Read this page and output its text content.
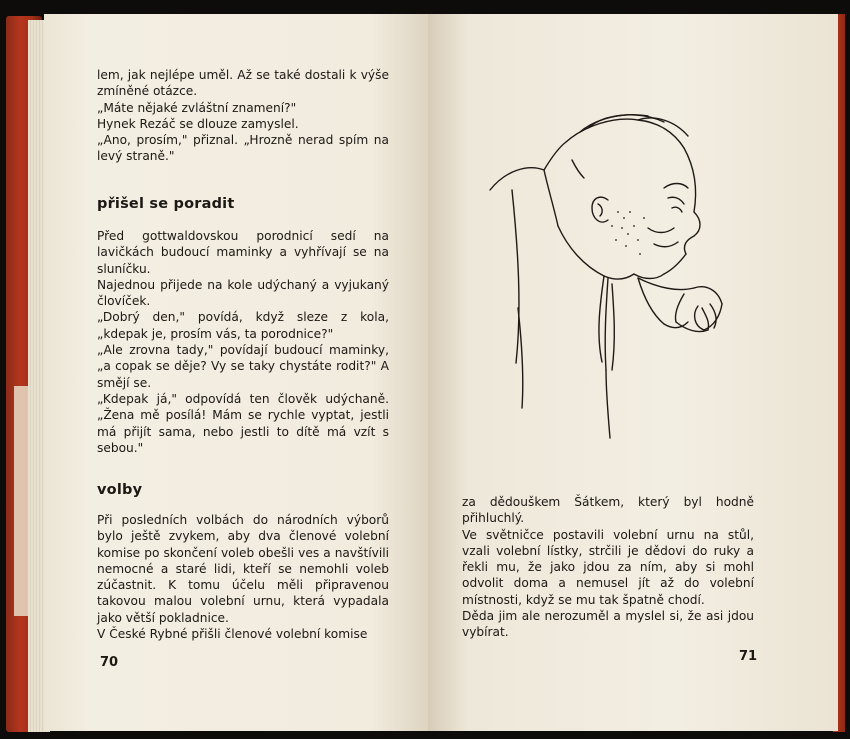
lem, jak nejlépe uměl. Až se také dostali k výše zmíněné otázce.

„Máte nějaké zvláštní znamení?"

Hynek Rezáč se dlouze zamyslel.

„Ano, prosím," přiznal. „Hrozně nerad spím na levý straně."

přišel se poradit

Před gottwaldovskou porodnicí sedí na lavičkách budoucí maminky a vyhřívají se na sluníčku.

Najednou přijede na kole udýchaný a vyjukaný človíček.

„Dobrý den," povídá, když sleze z kola, „kdepak je, prosím vás, ta porodnice?"

„Ale zrovna tady," povídají budoucí maminky, „a copak se děje? Vy se taky chystáte rodit?" A smějí se.

„Kdepak já," odpovídá ten člověk udýchaně. „Žena mě posílá! Mám se rychle vyptat, jestli má přijít sama, nebo jestli to dítě má vzít s sebou."

volby

Při posledních volbách do národních výborů bylo ještě zvykem, aby dva členové volební komise po skončení voleb obešli ves a navštívili nemocné a staré lidi, kteří se nemohli voleb zúčastnit. K tomu účelu měli připravenou takovou malou volební urnu, která vypadala jako větší pokladnice.

V České Rybné přišli členové volební komise

70

za dědouškem Šátkem, který byl hodně přihluchlý.

Ve světničce postavili volební urnu na stůl, vzali volební lístky, strčili je dědovi do ruky a řekli mu, že jako jdou za ním, aby si mohl odvolit doma a nemusel jít až do volební místnosti, když se mu tak špatně chodí.

Děda jim ale nerozuměl a myslel si, že asi jdou vybírat.

71
